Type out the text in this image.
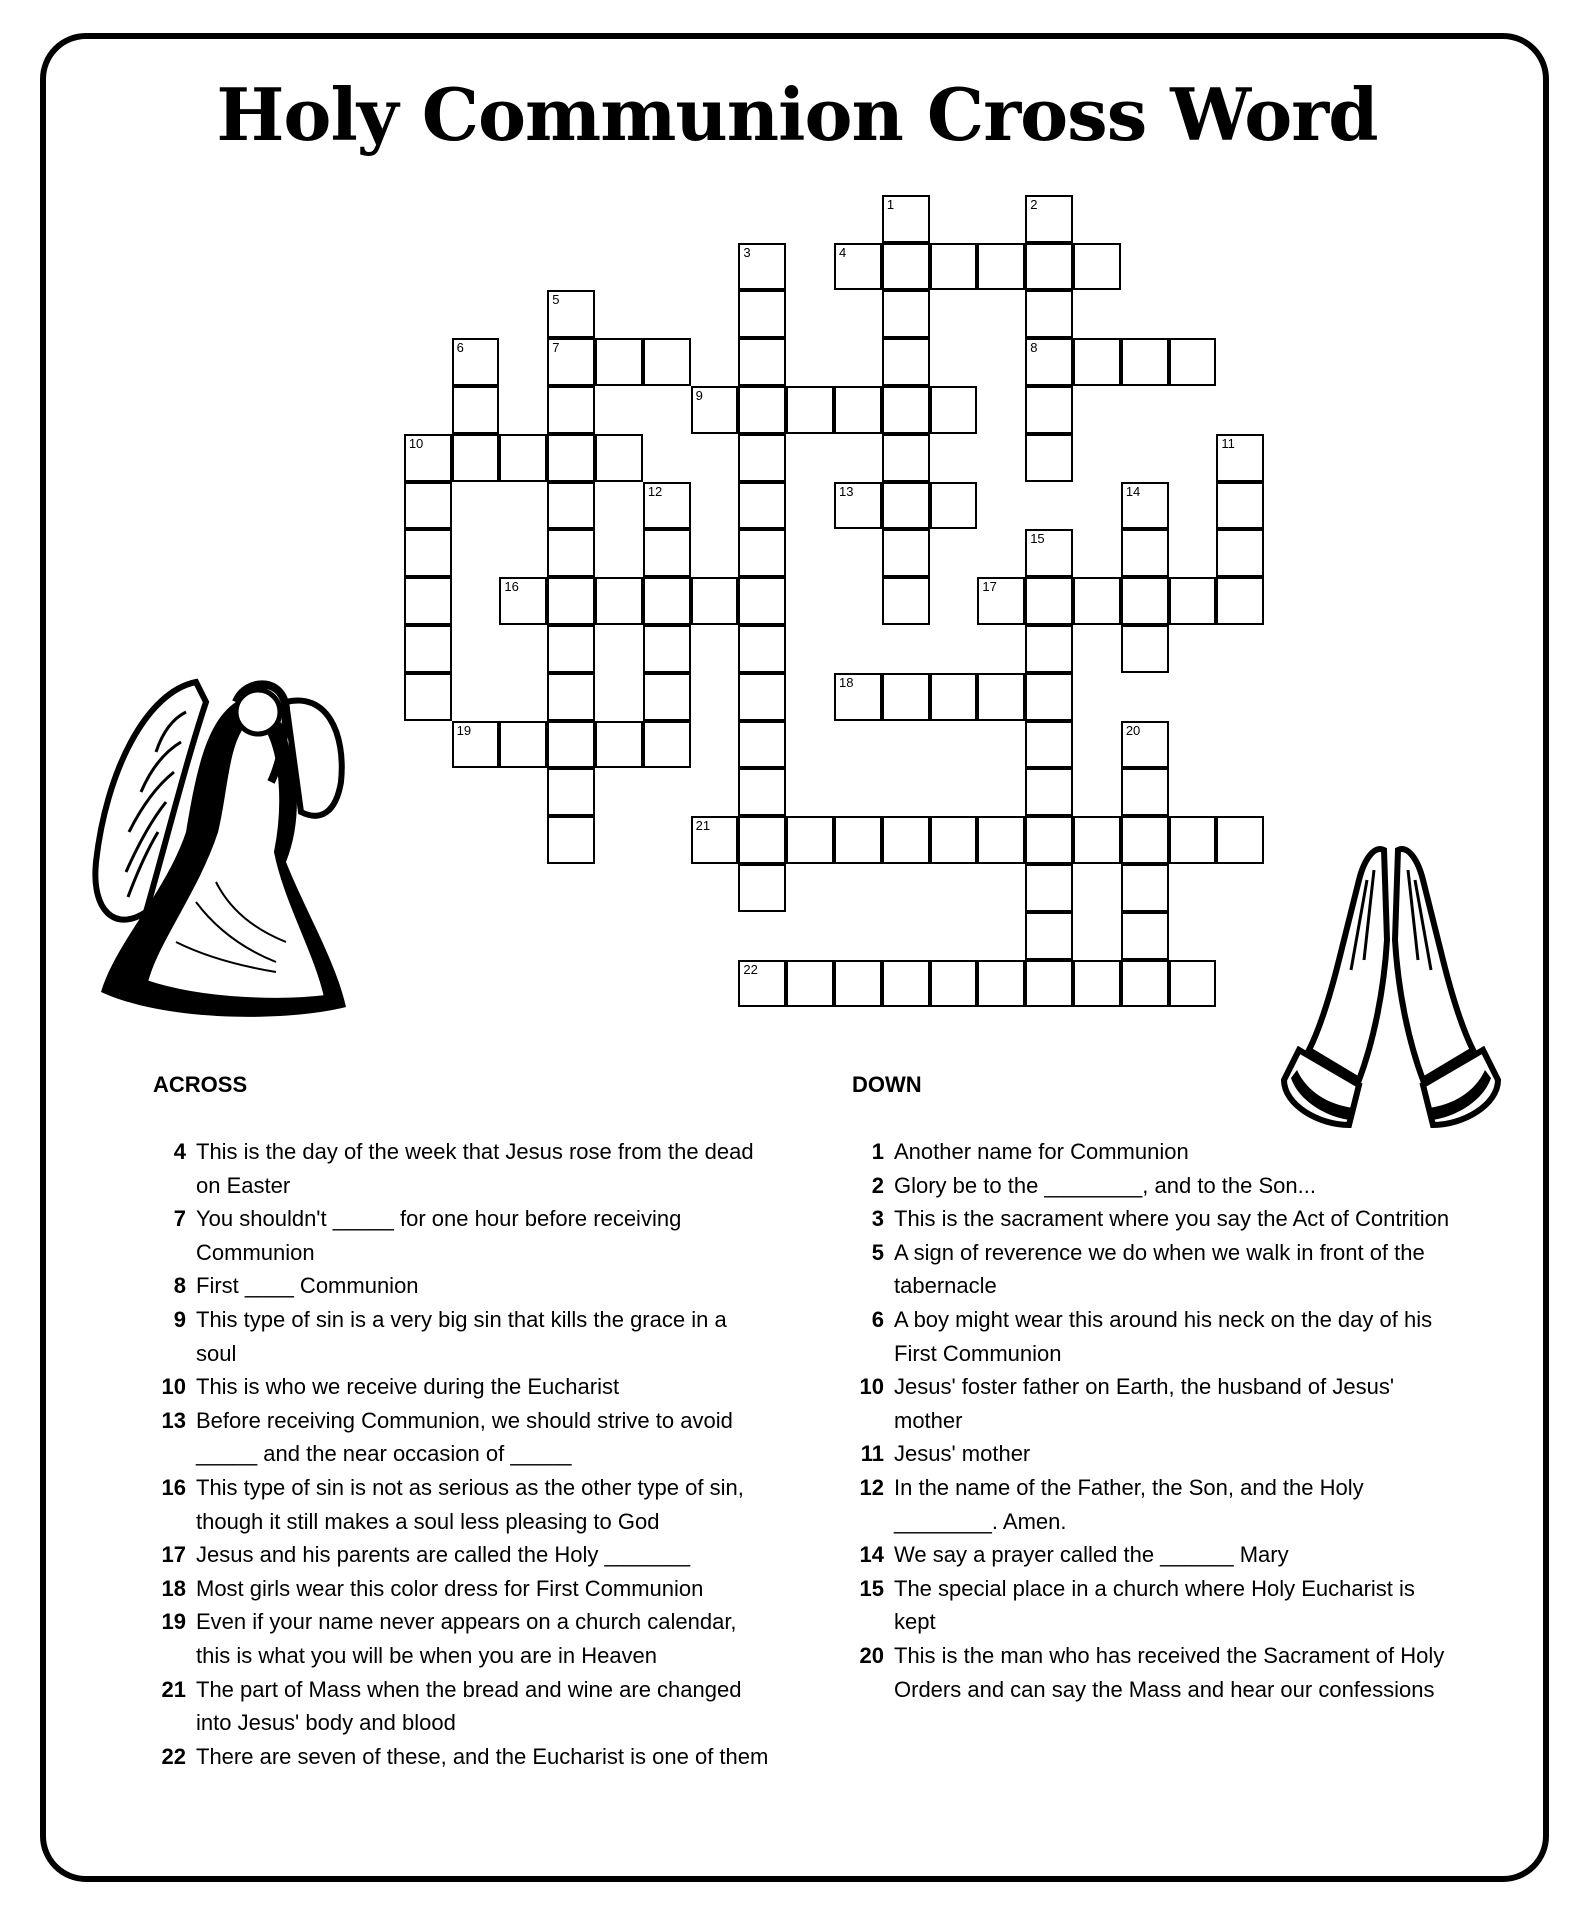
Holy Communion Cross Word
1	2
8
3	4
5
7
6
9
10	11
12	13	14
15
16	17
18
19	20
21
22
ACROSS	DOWN
4 This is the day of the week that Jesus rose from the dead on Easter
7 You shouldn't _____ for one hour before receiving Communion
8 First ____ Communion
9 This type of sin is a very big sin that kills the grace in a soul
10 This is who we receive during the Eucharist
13 Before receiving Communion, we should strive to avoid _____ and the near occasion of _____
16 This type of sin is not as serious as the other type of sin, though it still makes a soul less pleasing to God
17 Jesus and his parents are called the Holy _______
18 Most girls wear this color dress for First Communion
19 Even if your name never appears on a church calendar, this is what you will be when you are in Heaven
21 The part of Mass when the bread and wine are changed into Jesus' body and blood
22 There are seven of these, and the Eucharist is one of them
1 Another name for Communion
2 Glory be to the ________, and to the Son...
3 This is the sacrament where you say the Act of Contrition
5 A sign of reverence we do when we walk in front of the tabernacle
6 A boy might wear this around his neck on the day of his First Communion
10 Jesus' foster father on Earth, the husband of Jesus' mother
11 Jesus' mother
12 In the name of the Father, the Son, and the Holy ________. Amen.
14 We say a prayer called the ______ Mary
15 The special place in a church where Holy Eucharist is kept
20 This is the man who has received the Sacrament of Holy Orders and can say the Mass and hear our confessions
